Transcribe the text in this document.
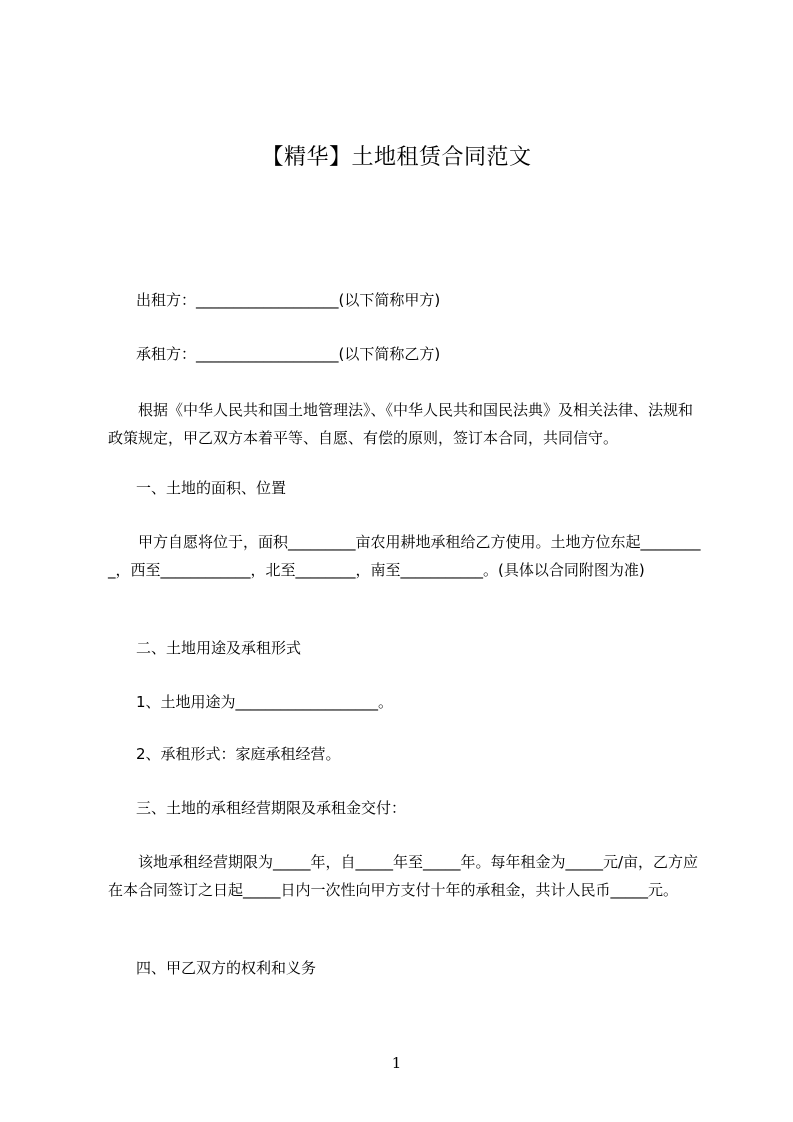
【精华】土地租赁合同范文
出租方：___________________(以下简称甲方)
承租方：___________________(以下简称乙方)
根据《中华人民共和国土地管理法》、《中华人民共和国民法典》及相关法律、法规和政策规定，甲乙双方本着平等、自愿、有偿的原则，签订本合同，共同信守。
一、土地的面积、位置
甲方自愿将位于，面积_________亩农用耕地承租给乙方使用。土地方位东起_________，西至____________，北至________，南至___________。(具体以合同附图为准)
二、土地用途及承租形式
1、土地用途为___________________。
2、承租形式：家庭承租经营。
三、土地的承租经营期限及承租金交付：
该地承租经营期限为_____年，自_____年至_____年。每年租金为_____元/亩，乙方应在本合同签订之日起_____日内一次性向甲方支付十年的承租金，共计人民币_____元。
四、甲乙双方的权利和义务
1
